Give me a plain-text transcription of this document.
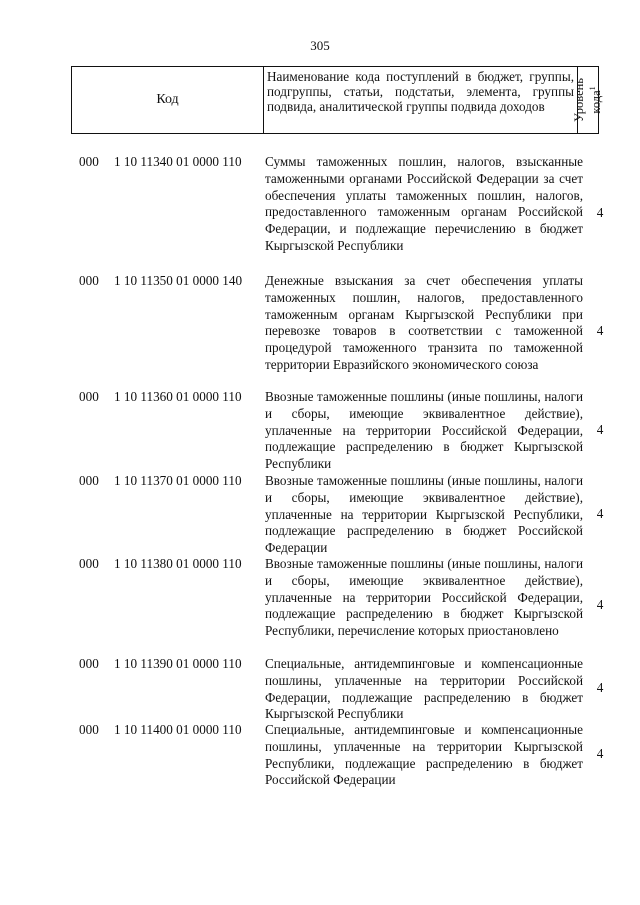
305
Код
Наименование кода поступлений в бюджет, группы, подгруппы, статьи, подстатьи, элемента, группы подвида, аналитической группы подвида доходов	Уровень кода$^1$
000 1 10 11340 01 0000 110 Суммы таможенных пошлин, налогов, взысканные таможенными органами Российской Федерации за счет обеспечения уплаты таможенных пошлин, налогов, предоставленного таможенным органам Российской Федерации, и подлежащие перечислению в бюджет Кыргызской Республики
4
000 1 10 11350 01 0000 140 Денежные взыскания за счет обеспечения уплаты таможенных пошлин, налогов, предоставленного таможенным органам Кыргызской Республики при перевозке товаров в соответствии с таможенной процедурой таможенного транзита по таможенной территории Евразийского экономического союза
4
000 1 10 11360 01 0000 110 Ввозные таможенные пошлины (иные пошлины, налоги и сборы, имеющие эквивалентное действие), уплаченные на территории Российской Федерации, подлежащие распределению в бюджет Кыргызской Республики
4
000 1 10 11370 01 0000 110 Ввозные таможенные пошлины (иные пошлины, налоги и сборы, имеющие эквивалентное действие), уплаченные на территории Кыргызской Республики, подлежащие распределению в бюджет Российской Федерации
4
000 1 10 11380 01 0000 110 Ввозные таможенные пошлины (иные пошлины, налоги и сборы, имеющие эквивалентное действие), уплаченные на территории Российской Федерации, подлежащие распределению в бюджет Кыргызской Республики, перечисление которых приостановлено
4
000 1 10 11390 01 0000 110 Специальные, антидемпинговые и компенсационные пошлины, уплаченные на территории Российской Федерации, подлежащие распределению в бюджет Кыргызской Республики
4
000 1 10 11400 01 0000 110 Специальные, антидемпинговые и компенсационные пошлины, уплаченные на территории Кыргызской Республики, подлежащие распределению в бюджет Российской Федерации
4
